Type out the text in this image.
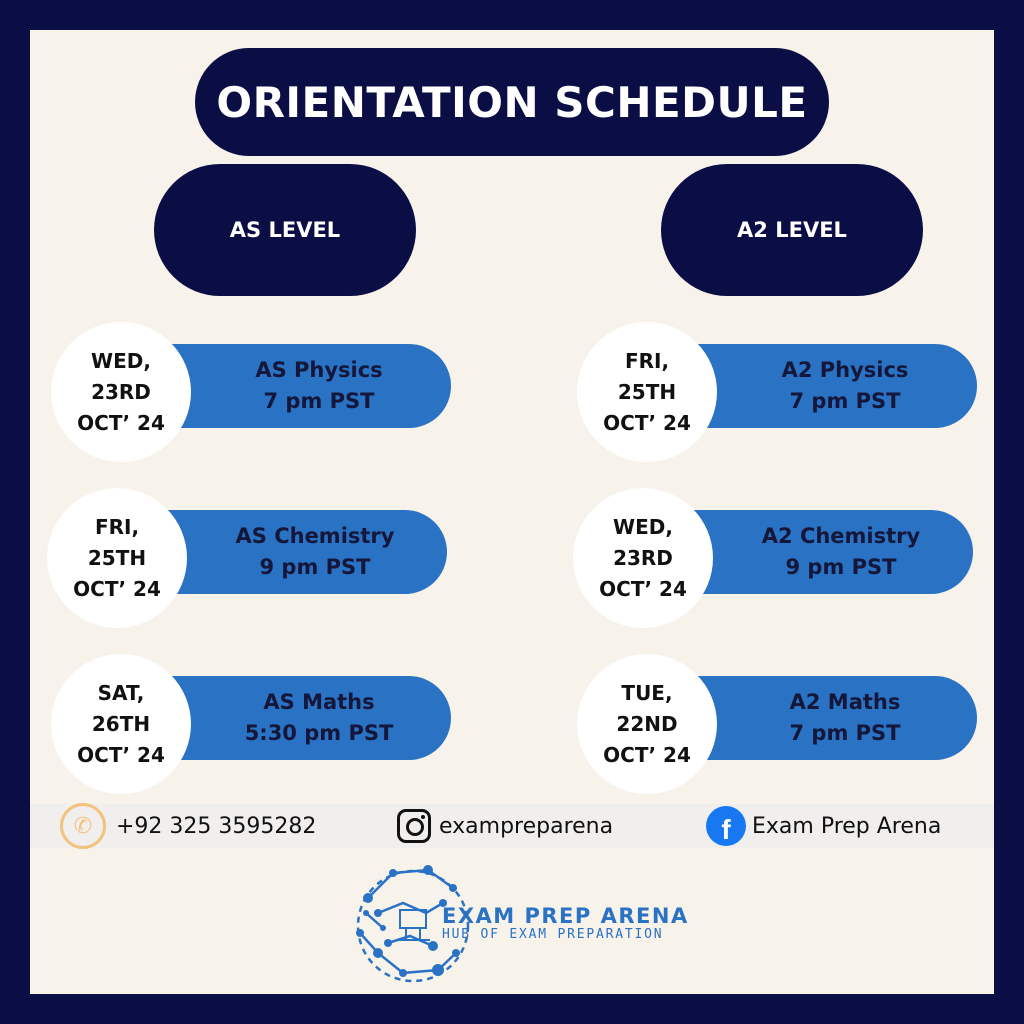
ORIENTATION SCHEDULE
AS LEVEL	A2 LEVEL
AS Physics
7 pm PST
WED,
23RD
OCT’ 24
AS Chemistry
9 pm PST
FRI,
25TH
OCT’ 24
AS Maths
5:30 pm PST
SAT,
26TH
OCT’ 24
A2 Physics
7 pm PST
FRI,
25TH
OCT’ 24
A2 Chemistry
9 pm PST
WED,
23RD
OCT’ 24
A2 Maths
7 pm PST
TUE,
22ND
OCT’ 24
✆	+92 325 3595282	exampreparena	f Exam Prep Arena
EXAM PREP ARENA
HUB OF EXAM PREPARATION
